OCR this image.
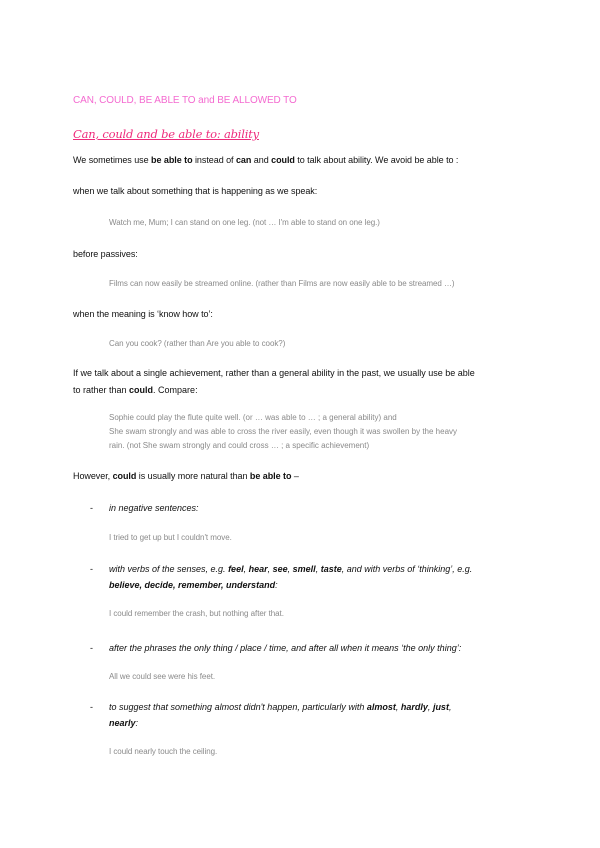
CAN, COULD, BE ABLE TO and BE ALLOWED TO
Can, could and be able to: ability
We sometimes use be able to instead of can and could to talk about ability. We avoid be able to :
when we talk about something that is happening as we speak:
Watch me, Mum; I can stand on one leg. (not … I'm able to stand on one leg.)
before passives:
Films can now easily be streamed online. (rather than Films are now easily able to be streamed …)
when the meaning is ‘know how to’:
Can you cook? (rather than Are you able to cook?)
If we talk about a single achievement, rather than a general ability in the past, we usually use be able
to rather than could. Compare:
Sophie could play the flute quite well. (or … was able to … ; a general ability) and
She swam strongly and was able to cross the river easily, even though it was swollen by the heavy
rain. (not She swam strongly and could cross … ; a specific achievement)
However, could is usually more natural than be able to –
- in negative sentences:
I tried to get up but I couldn't move.
- with verbs of the senses, e.g. feel, hear, see, smell, taste, and with verbs of ‘thinking’, e.g.
believe, decide, remember, understand:
I could remember the crash, but nothing after that.
- after the phrases the only thing / place / time, and after all when it means ‘the only thing’:
All we could see were his feet.
- to suggest that something almost didn't happen, particularly with almost, hardly, just,
nearly:
I could nearly touch the ceiling.
